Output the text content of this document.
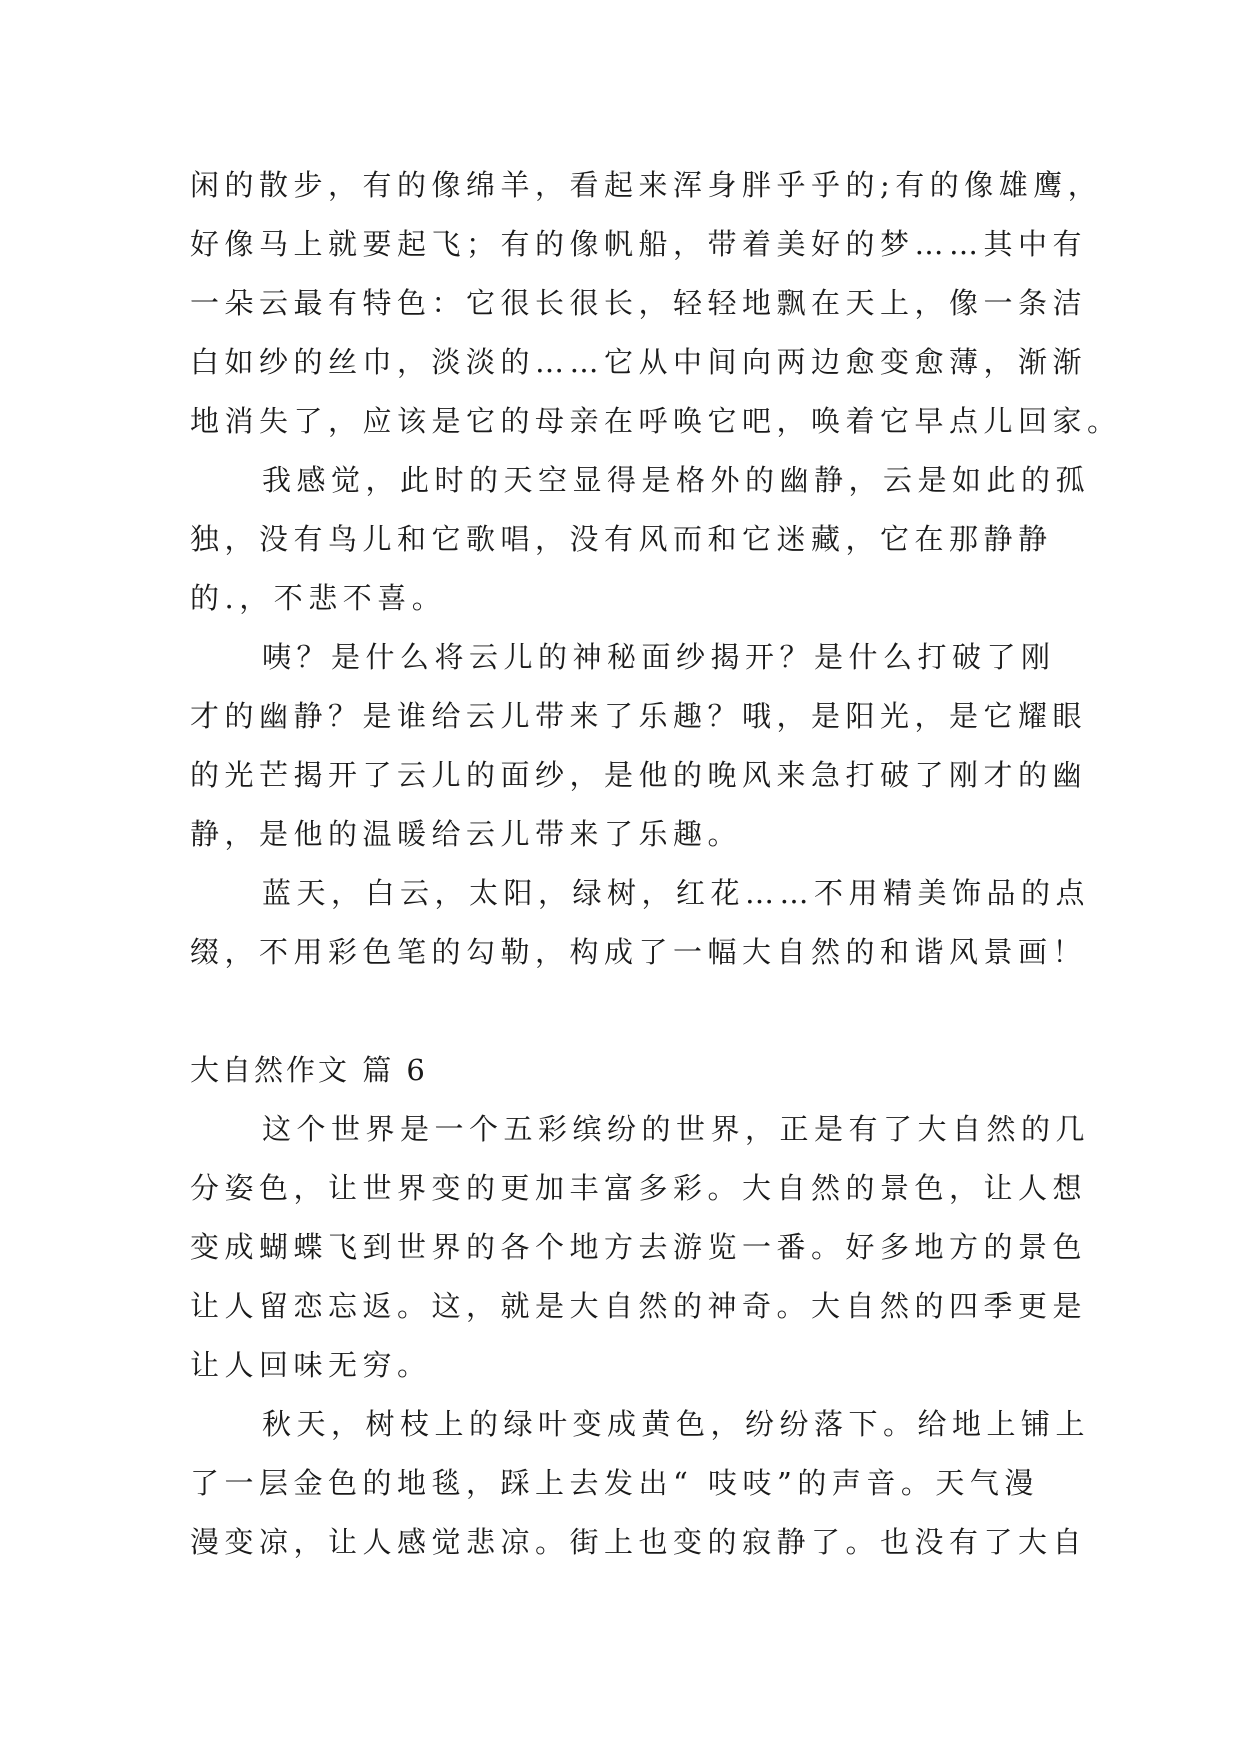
闲的散步，有的像绵羊，看起来浑身胖乎乎的;有的像雄鹰，
好像马上就要起飞；有的像帆船，带着美好的梦……其中有
一朵云最有特色：它很长很长，轻轻地飘在天上，像一条洁
白如纱的丝巾，淡淡的……它从中间向两边愈变愈薄，渐渐
地消失了，应该是它的母亲在呼唤它吧，唤着它早点儿回家。
我感觉，此时的天空显得是格外的幽静，云是如此的孤
独，没有鸟儿和它歌唱，没有风而和它迷藏，它在那静静
的.，不悲不喜。
咦？是什么将云儿的神秘面纱揭开？是什么打破了刚
才的幽静？是谁给云儿带来了乐趣？哦，是阳光，是它耀眼
的光芒揭开了云儿的面纱，是他的晚风来急打破了刚才的幽
静，是他的温暖给云儿带来了乐趣。
蓝天，白云，太阳，绿树，红花……不用精美饰品的点
缀，不用彩色笔的勾勒，构成了一幅大自然的和谐风景画！
大自然作文 篇 6
这个世界是一个五彩缤纷的世界，正是有了大自然的几
分姿色，让世界变的更加丰富多彩。大自然的景色，让人想
变成蝴蝶飞到世界的各个地方去游览一番。好多地方的景色
让人留恋忘返。这，就是大自然的神奇。大自然的四季更是
让人回味无穷。
秋天，树枝上的绿叶变成黄色，纷纷落下。给地上铺上
了一层金色的地毯，踩上去发出“ 吱吱”的声音。天气漫
漫变凉，让人感觉悲凉。街上也变的寂静了。也没有了大自
